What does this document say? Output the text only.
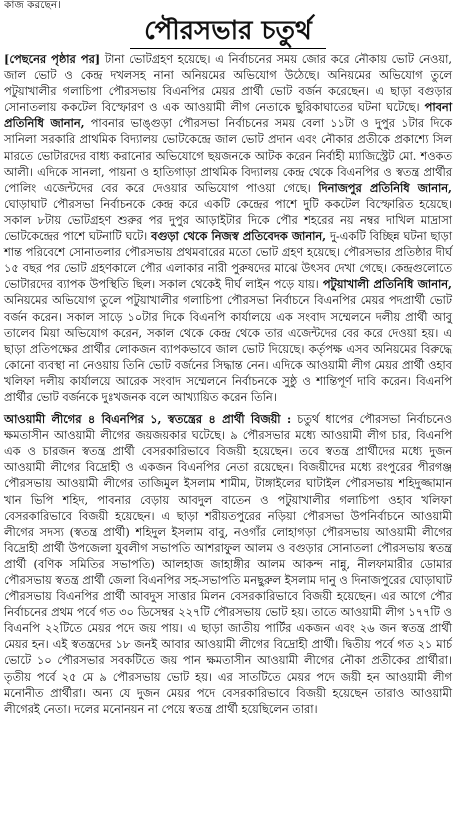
কাজ করছেন।
পৌরসভার চতুর্থ

[পেছনের পৃষ্ঠার পর] টানা ভোটগ্রহণ হয়েছে। এ নির্বাচনের সময় জোর করে নৌকায় ভোট নেওয়া, জাল ভোট ও কেন্দ্র দখলসহ নানা অনিয়মের অভিযোগ উঠেছে। অনিয়মের অভিযোগ তুলে পটুয়াখালীর গলাচিপা পৌরসভায় বিএনপির মেয়র প্রার্থী ভোট বর্জন করেছেন। এ ছাড়া বগুড়ার সোনাতলায় ককটেল বিস্ফোরণ ও এক আওয়ামী লীগ নেতাকে ছুরিকাঘাতের ঘটনা ঘটেছে। পাবনা প্রতিনিধি জানান, পাবনার ভাঙ্গুড়া পৌরসভা নির্বাচনের সময় বেলা ১১টা ও দুপুর ১টার দিকে সানিলা সরকারি প্রাথমিক বিদ্যালয় ভোটকেন্দ্রে জাল ভোট প্রদান এবং নৌকার প্রতীকে প্রকাশ্যে সিল মারতে ভোটারদের বাধ্য করানোর অভিযোগে ছয়জনকে আটক করেন নির্বাহী ম্যাজিস্ট্রেট মো. শওকত আলী। এদিকে সানলা, পায়না ও হাতিগাড়া প্রাথমিক বিদ্যালয় কেন্দ্র থেকে বিএনপির ও স্বতন্ত্র প্রার্থীর পোলিং এজেন্টদের বের করে দেওয়ার অভিযোগ পাওয়া গেছে। দিনাজপুর প্রতিনিধি জানান, ঘোড়াঘাট পৌরসভা নির্বাচনকে কেন্দ্র করে একটি কেন্দ্রের পাশে দুটি ককটেল বিস্ফোরিত হয়েছে। সকাল ৮টায় ভোটগ্রহণ শুরুর পর দুপুর আড়াইটার দিকে পৌর শহরের নয় নম্বর দাখিল মাদ্রাসা ভোটকেন্দ্রের পাশে ঘটনাটি ঘটে। বগুড়া থেকে নিজস্ব প্রতিবেদক জানান, দু-একটি বিচ্ছিন্ন ঘটনা ছাড়া শান্ত পরিবেশে সোনাতলার পৌরসভায় প্রথমবারের মতো ভোট গ্রহণ হয়েছে। পৌরসভার প্রতিষ্ঠার দীর্ঘ ১৫ বছর পর ভোট গ্রহণকালে পৌর এলাকার নারী পুরুষদের মাঝে উৎসব দেখা গেছে। কেন্দ্রগুলোতে ভোটারদের ব্যাপক উপস্থিতি ছিল। সকাল থেকেই দীর্ঘ লাইন পড়ে যায়। পটুয়াখালী প্রতিনিধি জানান, অনিয়মের অভিযোগ তুলে পটুয়াখালীর গলাচিপা পৌরসভা নির্বাচনে বিএনপির মেয়র পদপ্রার্থী ভোট বর্জন করেন। সকাল সাড়ে ১০টার দিকে বিএনপি কার্যালয়ে এক সংবাদ সম্মেলনে দলীয় প্রার্থী আবু তালেব মিয়া অভিযোগ করেন, সকাল থেকে কেন্দ্র থেকে তার এজেন্টদের বের করে দেওয়া হয়। এ ছাড়া প্রতিপক্ষের প্রার্থীর লোকজন ব্যাপকভাবে জাল ভোট দিয়েছে। কর্তৃপক্ষ এসব অনিয়মের বিরুদ্ধে কোনো ব্যবস্থা না নেওয়ায় তিনি ভোট বর্জনের সিদ্ধান্ত নেন। এদিকে আওয়ামী লীগ মেয়র প্রার্থী ওহাব খলিফা দলীয় কার্যালয়ে আরেক সংবাদ সম্মেলনে নির্বাচনকে সুষ্ঠু ও শান্তিপূর্ণ দাবি করেন। বিএনপি প্রার্থীর ভোট বর্জনকে দুঃখজনক বলে আখ্যায়িত করেন তিনি।

আওয়ামী লীগের ৪ বিএনপির ১, স্বতন্ত্রের ৪ প্রার্থী বিজয়ী : চতুর্থ ধাপের পৌরসভা নির্বাচনেও ক্ষমতাসীন আওয়ামী লীগের জয়জয়কার ঘটেছে। ৯ পৌরসভার মধ্যে আওয়ামী লীগ চার, বিএনপি এক ও চারজন স্বতন্ত্র প্রার্থী বেসরকারিভাবে বিজয়ী হয়েছেন। তবে স্বতন্ত্র প্রার্থীদের মধ্যে দুজন আওয়ামী লীগের বিদ্রোহী ও একজন বিএনপির নেতা রয়েছেন। বিজয়ীদের মধ্যে রংপুরের পীরগঞ্জ পৌরসভায় আওয়ামী লীগের তাজিমুল ইসলাম শামীম, টাঙ্গাইলের ঘাটাইল পৌরসভায় শহিদুজ্জামান খান ভিপি শহিদ, পাবনার বেড়ায় আবদুল বাতেন ও পটুয়াখালীর গলাচিপা ওহাব খলিফা বেসরকারিভাবে বিজয়ী হয়েছেন। এ ছাড়া শরীয়তপুরের নড়িয়া পৌরসভা উপনির্বাচনে আওয়ামী লীগের সদস্য (স্বতন্ত্র প্রার্থী) শহিদুল ইসলাম বাবু, নওগাঁর লোহাগড়া পৌরসভায় আওয়ামী লীগের বিদ্রোহী প্রার্থী উপজেলা যুবলীগ সভাপতি আশরাফুল আলম ও বগুড়ার সোনাতলা পৌরসভায় স্বতন্ত্র প্রার্থী (বণিক সমিতির সভাপতি) আলহাজ জাহাঙ্গীর আলম আকন্দ নান্নু, নীলফামারীর ডোমার পৌরসভায় স্বতন্ত্র প্রার্থী জেলা বিএনপির সহ-সভাপতি মনছুরুল ইসলাম দানু ও দিনাজপুরের ঘোড়াঘাট পৌরসভায় বিএনপির প্রার্থী আবদুস সাত্তার মিলন বেসরকারিভাবে বিজয়ী হয়েছেন। এর আগে পৌর নির্বাচনের প্রথম পর্বে গত ৩০ ডিসেম্বর ২২৭টি পৌরসভায় ভোট হয়। তাতে আওয়ামী লীগ ১৭৭টি ও বিএনপি ২২টিতে মেয়র পদে জয় পায়। এ ছাড়া জাতীয় পার্টির একজন এবং ২৬ জন স্বতন্ত্র প্রার্থী মেয়র হন। এই স্বতন্ত্রদের ১৮ জনই আবার আওয়ামী লীগের বিদ্রোহী প্রার্থী। দ্বিতীয় পর্বে গত ২১ মার্চ ভোটে ১০ পৌরসভার সবকটিতে জয় পান ক্ষমতাসীন আওয়ামী লীগের নৌকা প্রতীকের প্রার্থীরা। তৃতীয় পর্বে ২৫ মে ৯ পৌরসভায় ভোট হয়। এর সাতটিতে মেয়র পদে জয়ী হন আওয়ামী লীগ মনোনীত প্রার্থীরা। অন্য যে দুজন মেয়র পদে বেসরকারিভাবে বিজয়ী হয়েছেন তারাও আওয়ামী লীগেরই নেতা। দলের মনোনয়ন না পেয়ে স্বতন্ত্র প্রার্থী হয়েছিলেন তারা।
